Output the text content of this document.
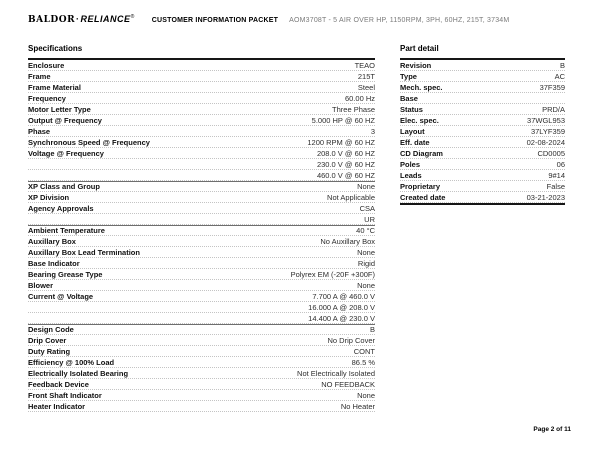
BALDOR·RELIANCE® CUSTOMER INFORMATION PACKET AOM3708T - 5 AIR OVER HP, 1150RPM, 3PH, 60HZ, 215T, 3734M
Specifications
Enclosure	TEAO
Frame	215T
Frame Material	Steel
Frequency	60.00 Hz
Motor Letter Type	Three Phase
Output @ Frequency	5.000 HP @ 60 HZ
Phase	3
Synchronous Speed @ Frequency	1200 RPM @ 60 HZ
Voltage @ Frequency	208.0 V @ 60 HZ
230.0 V @ 60 HZ
460.0 V @ 60 HZ
XP Class and Group	None
XP Division	Not Applicable
Agency Approvals	CSA
UR
Ambient Temperature	40 °C
Auxillary Box	No Auxillary Box
Auxillary Box Lead Termination	None
Base Indicator	Rigid
Bearing Grease Type	Polyrex EM (-20F +300F)
Blower	None
Current @ Voltage	7.700 A @ 460.0 V
16.000 A @ 208.0 V
14.400 A @ 230.0 V
Design Code	B
Drip Cover	No Drip Cover
Duty Rating	CONT
Efficiency @ 100% Load	86.5 %
Electrically Isolated Bearing	Not Electrically Isolated
Feedback Device	NO FEEDBACK
Front Shaft Indicator	None
Heater Indicator	No Heater
Part detail
Revision	B
Type	AC
Mech. spec.	37F359
Base
Status	PRD/A
Elec. spec.	37WGL953
Layout	37LYF359
Eff. date	02-08-2024
CD Diagram	CD0005
Poles	06
Leads	9#14
Proprietary	False
Created date	03-21-2023
Page 2 of 11
